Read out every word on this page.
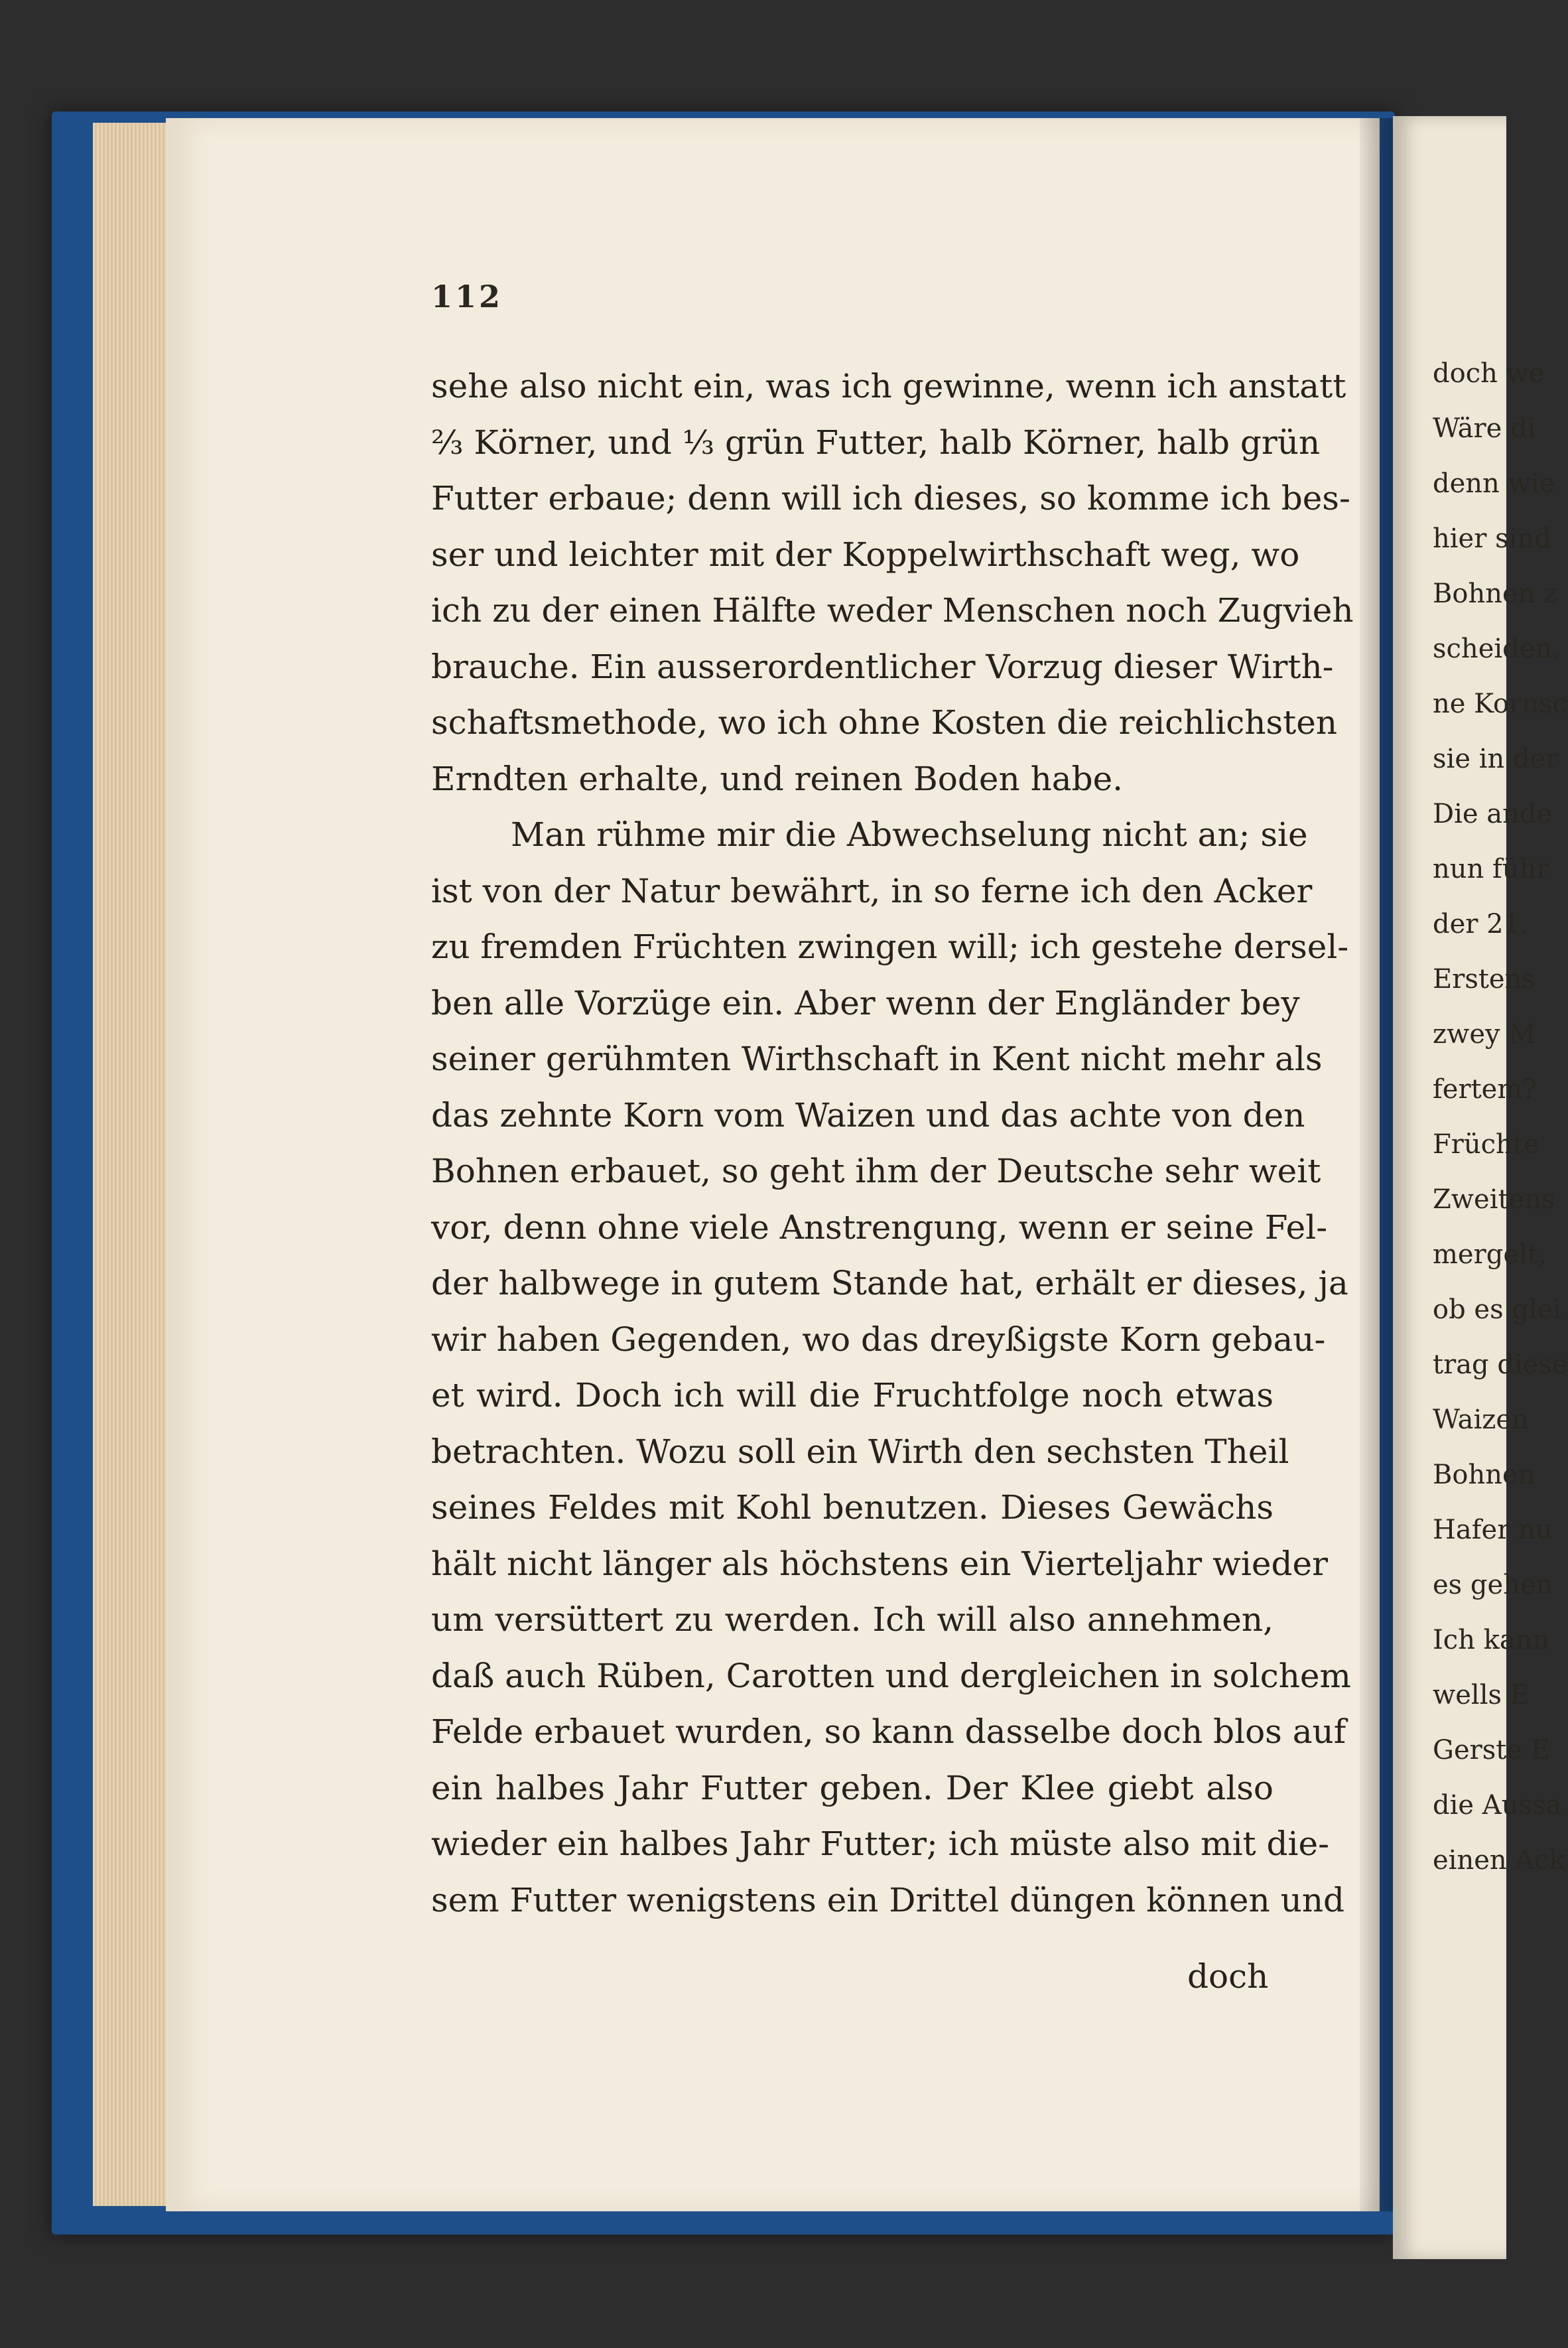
112
sehe also nicht ein, was ich gewinne, wenn ich anstatt
⅔ Körner, und ⅓ grün Futter, halb Körner, halb grün
Futter erbaue; denn will ich dieses, so komme ich bes-
ser und leichter mit der Koppelwirthschaft weg, wo
ich zu der einen Hälfte weder Menschen noch Zugvieh
brauche. Ein ausserordentlicher Vorzug dieser Wirth-
schaftsmethode, wo ich ohne Kosten die reichlichsten
Erndten erhalte, und reinen Boden habe.
Man rühme mir die Abwechselung nicht an; sie
ist von der Natur bewährt, in so ferne ich den Acker
zu fremden Früchten zwingen will; ich gestehe dersel-
ben alle Vorzüge ein. Aber wenn der Engländer bey
seiner gerühmten Wirthschaft in Kent nicht mehr als
das zehnte Korn vom Waizen und das achte von den
Bohnen erbauet, so geht ihm der Deutsche sehr weit
vor, denn ohne viele Anstrengung, wenn er seine Fel-
der halbwege in gutem Stande hat, erhält er dieses, ja
wir haben Gegenden, wo das dreyßigste Korn gebau-
et wird. Doch ich will die Fruchtfolge noch etwas
betrachten. Wozu soll ein Wirth den sechsten Theil
seines Feldes mit Kohl benutzen. Dieses Gewächs
hält nicht länger als höchstens ein Vierteljahr wieder
um versüttert zu werden. Ich will also annehmen,
daß auch Rüben, Carotten und dergleichen in solchem
Felde erbauet wurden, so kann dasselbe doch blos auf
ein halbes Jahr Futter geben. Der Klee giebt also
wieder ein halbes Jahr Futter; ich müste also mit die-
sem Futter wenigstens ein Drittel düngen können und
doch
doch we
Wäre di
denn wie
hier sind
Bohnen z
scheiden,
ne Kornsc
sie in der
Die ande
nun führ
der 21.
Erstens
zwey M
fertem?
Früchte
Zweitens
mergelt,
ob es glei
trag diese
Waizen
Bohnen
Hafer nu
es gehen
Ich kann
wells E
Gerste E
die Aussa
einen Ack
